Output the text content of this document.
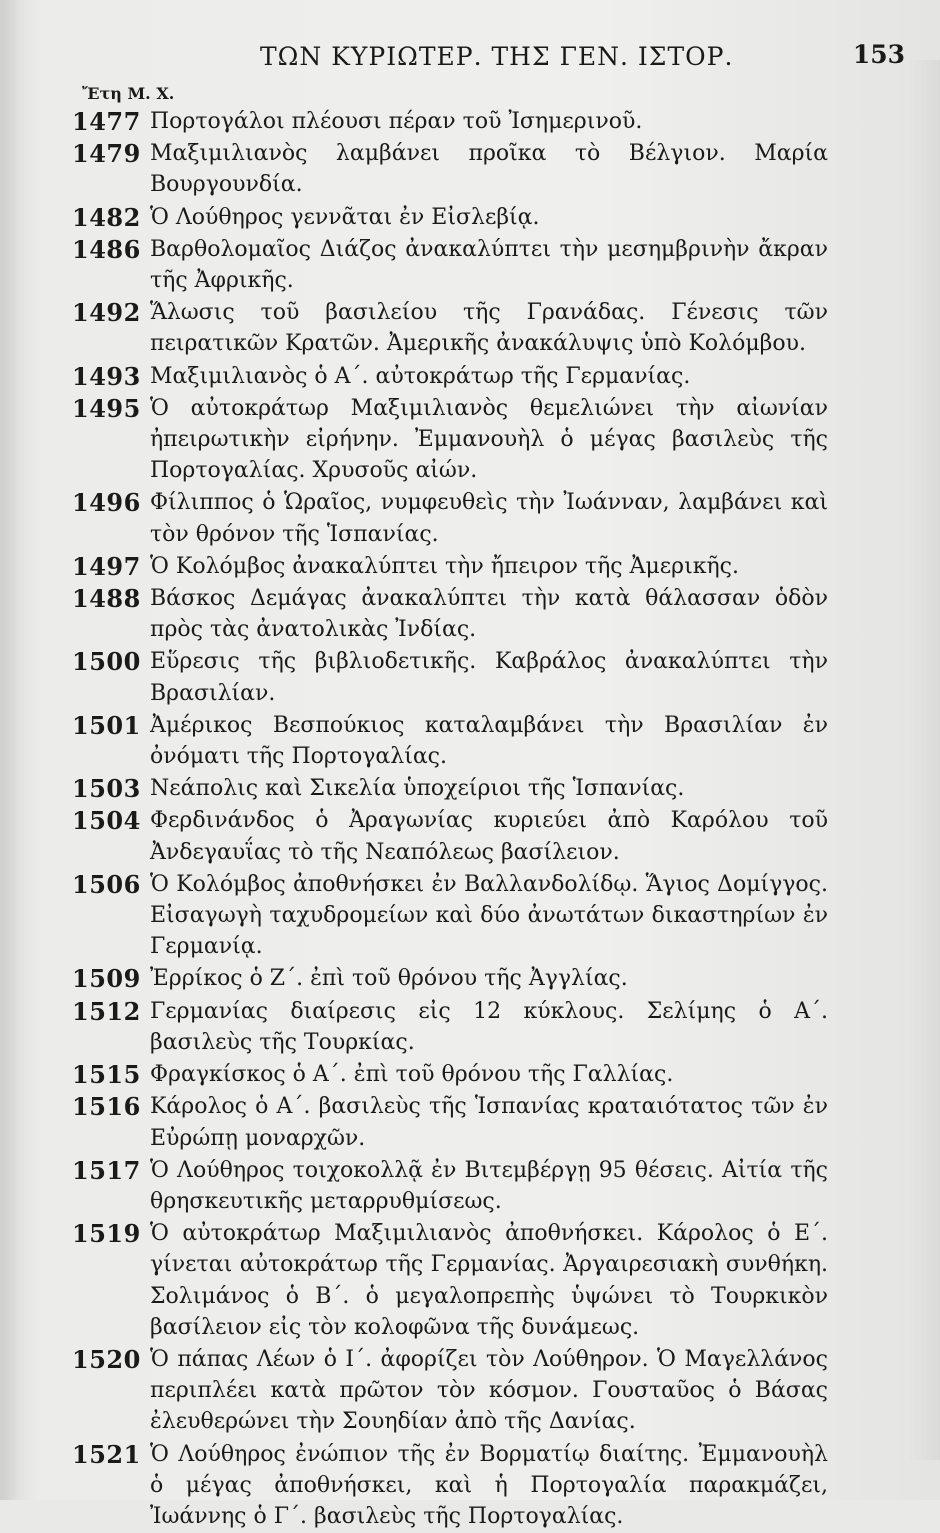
ΤΩΝ ΚΥΡΙΩΤΕΡ. ΤΗΣ ΓΕΝ. ΙΣΤΟΡ.	153
Ἔτη Μ. Χ.
1477 Πορτογάλοι πλέουσι πέραν τοῦ Ἰσημερινοῦ.
1479 Μαξιμιλιανὸς λαμβάνει προῖκα τὸ Βέλγιον. Μαρία Βουργουνδία.
1482 Ὁ Λούθηρος γεννᾶται ἐν Εἰσλεβίᾳ.
1486 Βαρθολομαῖος Διάζος ἀνακαλύπτει τὴν μεσημβρινὴν ἄκραν τῆς Ἀφρικῆς.
1492 Ἅλωσις τοῦ βασιλείου τῆς Γρανάδας. Γένεσις τῶν πειρατικῶν Κρατῶν. Ἀμερικῆς ἀνακάλυψις ὑπὸ Κολόμβου.
1493 Μαξιμιλιανὸς ὁ Α΄. αὐτοκράτωρ τῆς Γερμανίας.
1495 Ὁ αὐτοκράτωρ Μαξιμιλιανὸς θεμελιώνει τὴν αἰωνίαν ἠπειρωτικὴν εἰρήνην. Ἐμμανουὴλ ὁ μέγας βασιλεὺς τῆς Πορτογαλίας. Χρυσοῦς αἰών.
1496 Φίλιππος ὁ Ὡραῖος, νυμφευθεὶς τὴν Ἰωάνναν, λαμβάνει καὶ τὸν θρόνον τῆς Ἱσπανίας.
1497 Ὁ Κολόμβος ἀνακαλύπτει τὴν ἤπειρον τῆς Ἀμερικῆς.
1488 Βάσκος Δεμάγας ἀνακαλύπτει τὴν κατὰ θάλασσαν ὁδὸν πρὸς τὰς ἀνατολικὰς Ἰνδίας.
1500 Εὕρεσις τῆς βιβλιοδετικῆς. Καβράλος ἀνακαλύπτει τὴν Βρασιλίαν.
1501 Ἀμέρικος Βεσπούκιος καταλαμβάνει τὴν Βρασιλίαν ἐν ὀνόματι τῆς Πορτογαλίας.
1503 Νεάπολις καὶ Σικελία ὑποχείριοι τῆς Ἱσπανίας.
1504 Φερδινάνδος ὁ Ἀραγωνίας κυριεύει ἀπὸ Καρόλου τοῦ Ἀνδεγαυΐας τὸ τῆς Νεαπόλεως βασίλειον.
1506 Ὁ Κολόμβος ἀποθνήσκει ἐν Βαλλανδολίδῳ. Ἅγιος Δομίγγος. Εἰσαγωγὴ ταχυδρομείων καὶ δύο ἀνωτάτων δικαστηρίων ἐν Γερμανίᾳ.
1509 Ἐρρίκος ὁ Ζ΄. ἐπὶ τοῦ θρόνου τῆς Ἀγγλίας.
1512 Γερμανίας διαίρεσις εἰς 12 κύκλους. Σελίμης ὁ Α΄. βασιλεὺς τῆς Τουρκίας.
1515 Φραγκίσκος ὁ Α΄. ἐπὶ τοῦ θρόνου τῆς Γαλλίας.
1516 Κάρολος ὁ Α΄. βασιλεὺς τῆς Ἱσπανίας κραταιότατος τῶν ἐν Εὐρώπῃ μοναρχῶν.
1517 Ὁ Λούθηρος τοιχοκολλᾷ ἐν Βιτεμβέργῃ 95 θέσεις. Αἰτία τῆς θρησκευτικῆς μεταρρυθμίσεως.
1519 Ὁ αὐτοκράτωρ Μαξιμιλιανὸς ἀποθνήσκει. Κάρολος ὁ Ε΄. γίνεται αὐτοκράτωρ τῆς Γερμανίας. Ἀργαιρεσιακὴ συνθήκη. Σολιμάνος ὁ Β΄. ὁ μεγαλοπρεπὴς ὑψώνει τὸ Τουρκικὸν βασίλειον εἰς τὸν κολοφῶνα τῆς δυνάμεως.
1520 Ὁ πάπας Λέων ὁ Ι΄. ἀφορίζει τὸν Λούθηρον. Ὁ Μαγελλάνος περιπλέει κατὰ πρῶτον τὸν κόσμον. Γουσταῦος ὁ Βάσας ἐλευθερώνει τὴν Σουηδίαν ἀπὸ τῆς Δανίας.
1521 Ὁ Λούθηρος ἐνώπιον τῆς ἐν Βορματίῳ διαίτης. Ἐμμανουὴλ ὁ μέγας ἀποθνήσκει, καὶ ἡ Πορτογαλία παρακμάζει, Ἰωάννης ὁ Γ΄. βασιλεὺς τῆς Πορτογαλίας.
